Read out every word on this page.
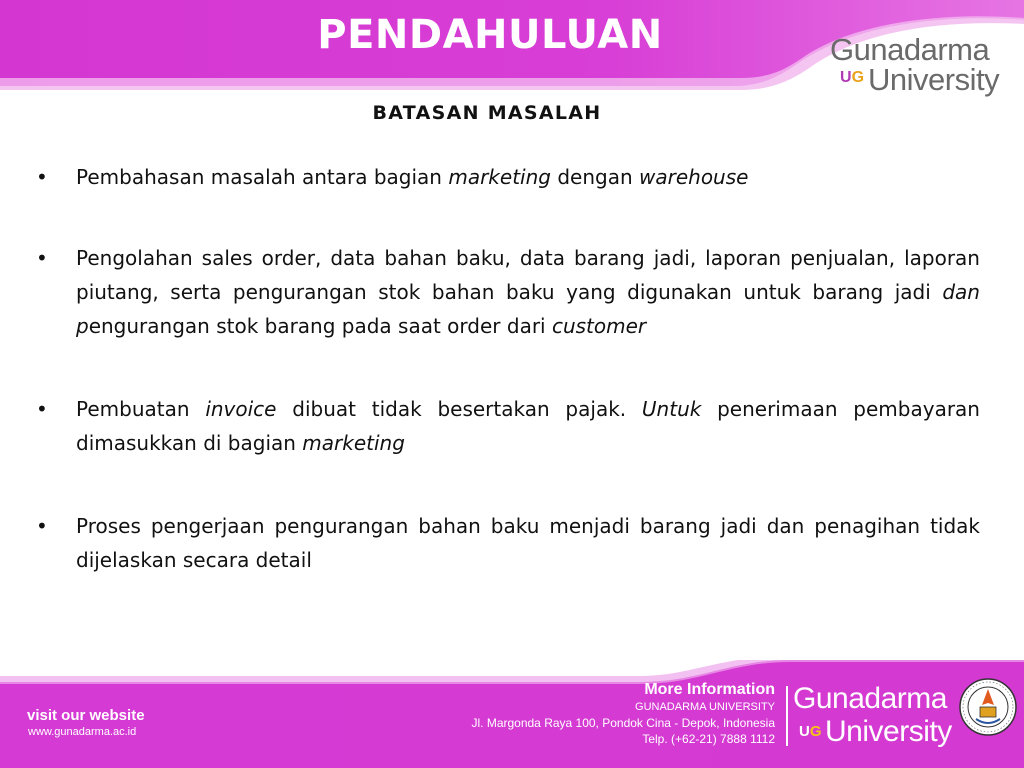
PENDAHULUAN	Gunadarma
UG University
BATASAN MASALAH
•	Pembahasan masalah antara bagian marketing dengan warehouse

•	Pengolahan sales order, data bahan baku, data barang jadi, laporan penjualan, laporan piutang, serta pengurangan stok bahan baku yang digunakan untuk barang jadi dan pengurangan stok barang pada saat order dari customer

•	Pembuatan invoice dibuat tidak besertakan pajak. Untuk penerimaan pembayaran dimasukkan di bagian marketing

•	Proses pengerjaan pengurangan bahan baku menjadi barang jadi dan penagihan tidak dijelaskan secara detail

visit our website
www.gunadarma.ac.id
More Information
GUNADARMA UNIVERSITY
Jl. Margonda Raya 100, Pondok Cina - Depok, Indonesia
Telp. (+62-21) 7888 1112
Gunadarma
UG University
